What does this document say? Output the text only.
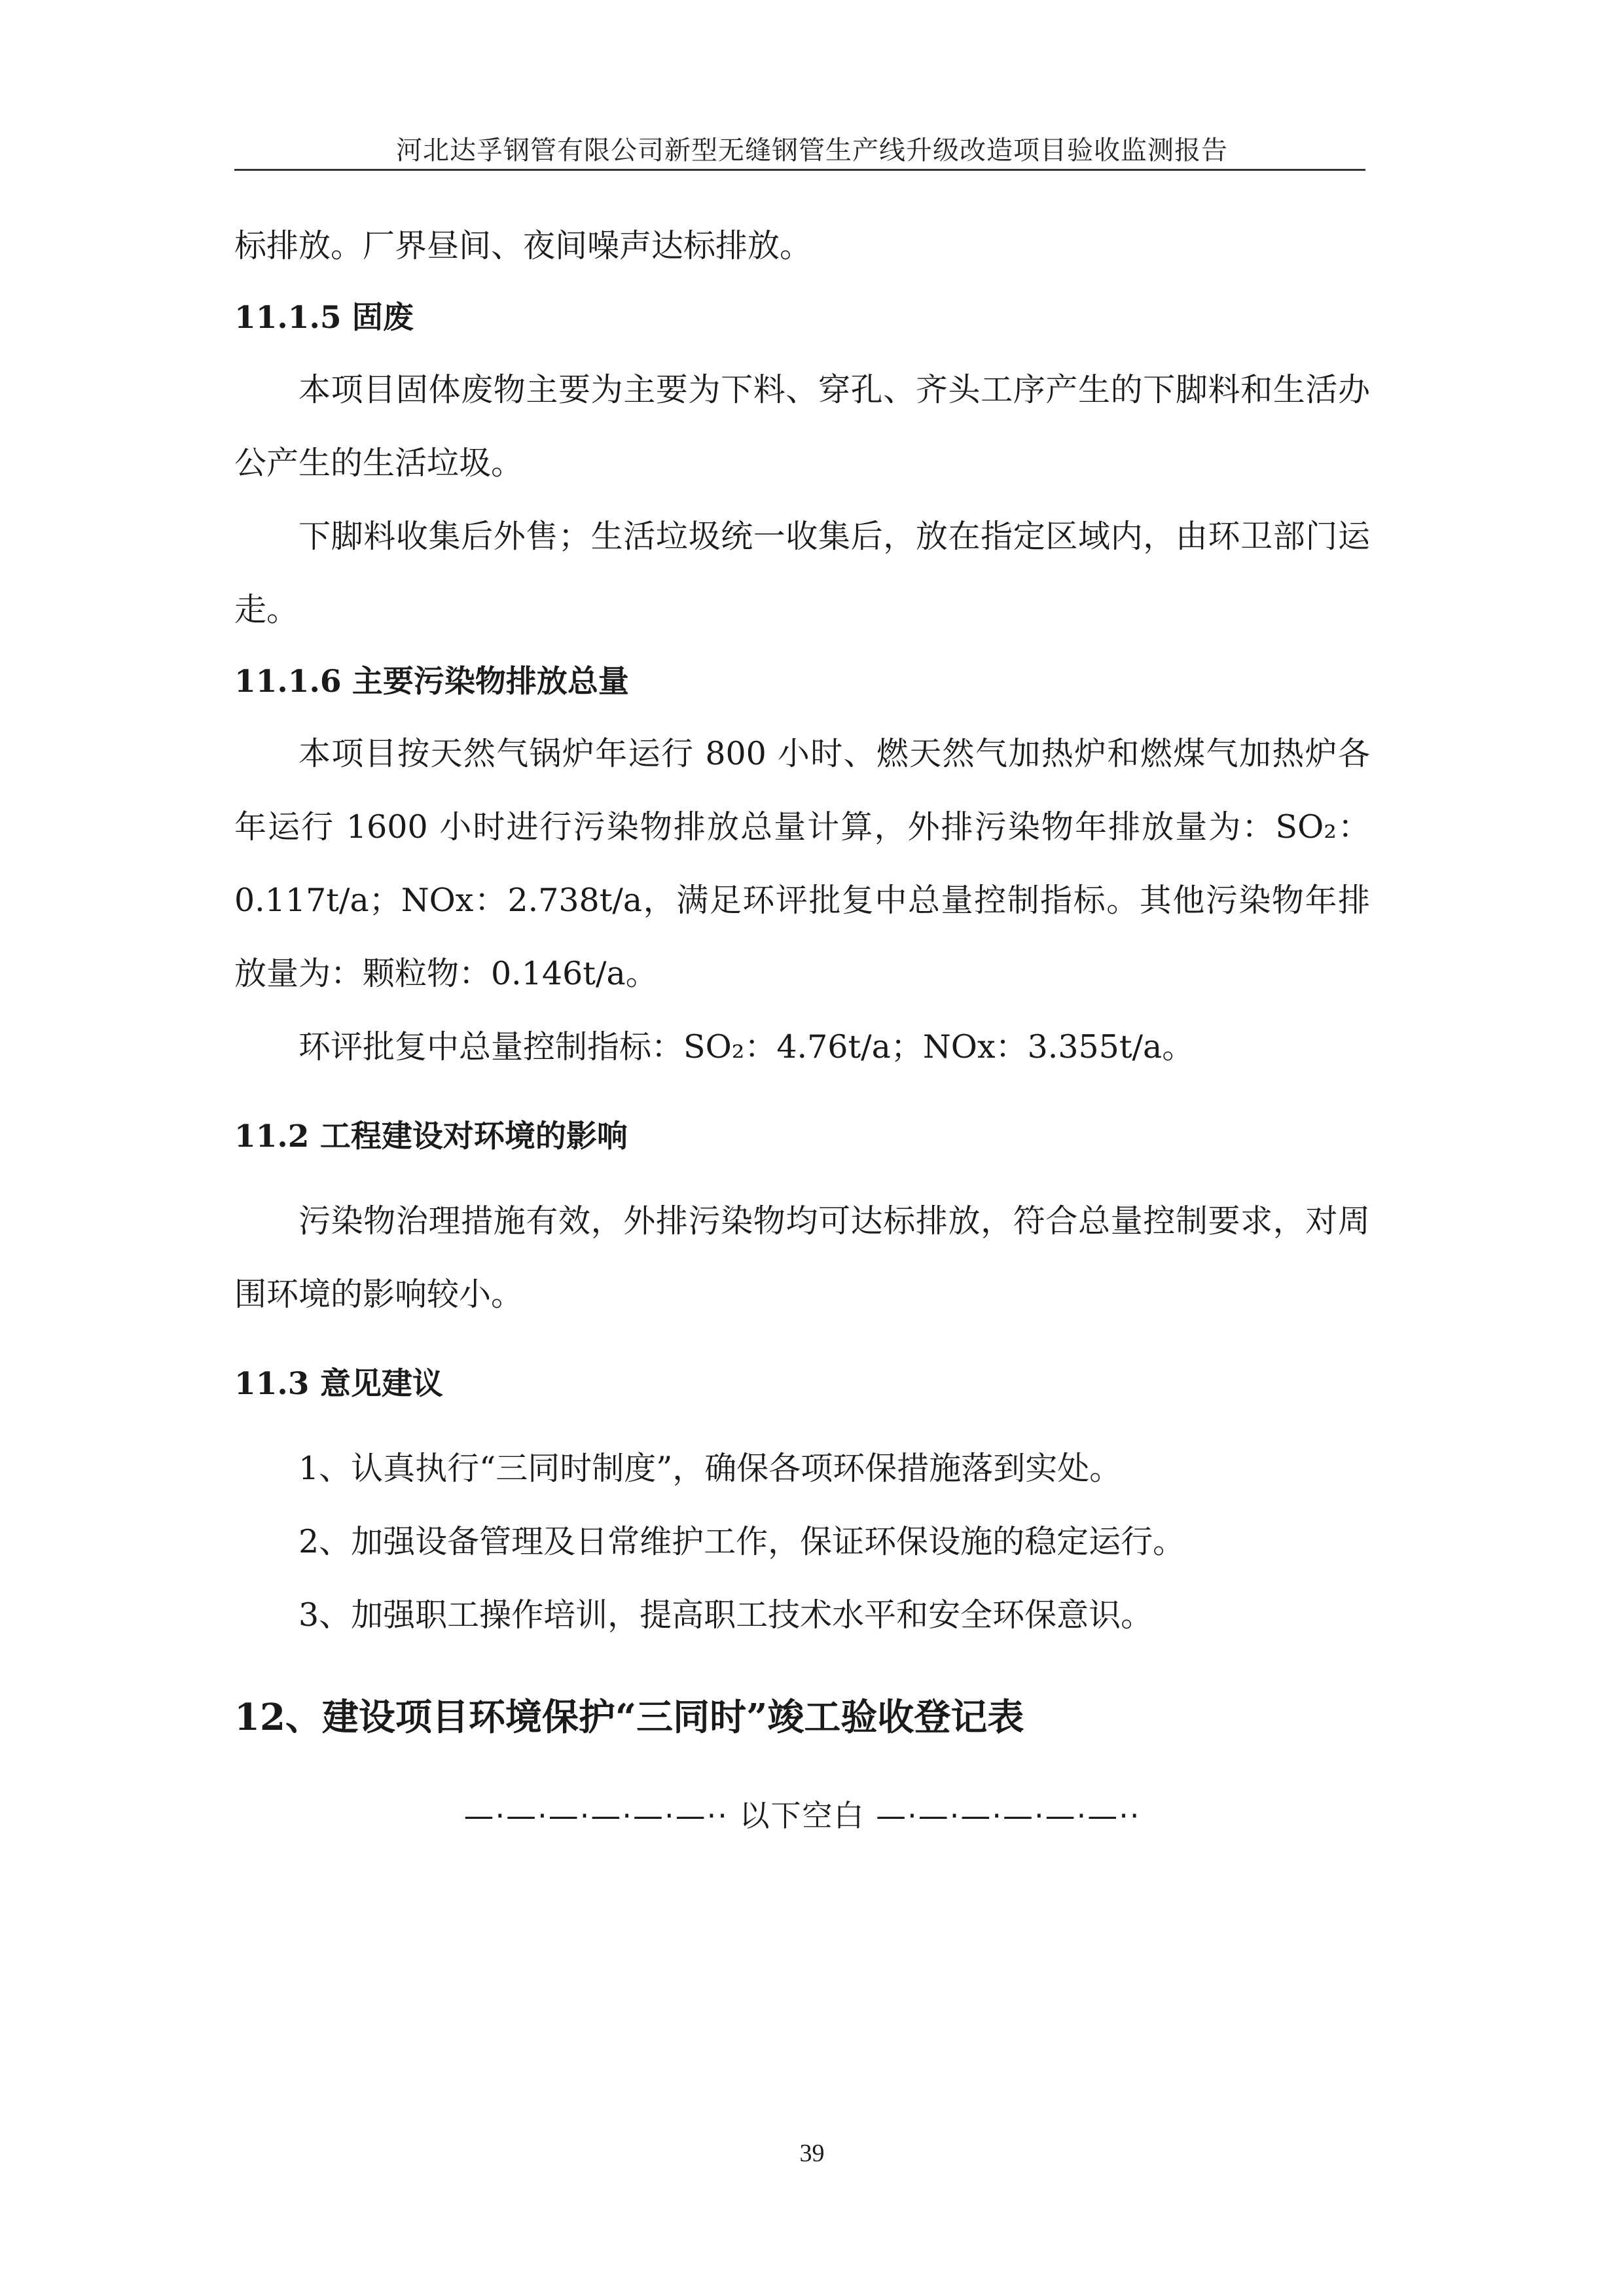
河北达孚钢管有限公司新型无缝钢管生产线升级改造项目验收监测报告

标排放。厂界昼间、夜间噪声达标排放。

11.1.5 固废

本项目固体废物主要为主要为下料、穿孔、齐头工序产生的下脚料和生活办公产生的生活垃圾。

下脚料收集后外售；生活垃圾统一收集后，放在指定区域内，由环卫部门运走。

11.1.6 主要污染物排放总量

本项目按天然气锅炉年运行 800 小时、燃天然气加热炉和燃煤气加热炉各年运行 1600 小时进行污染物排放总量计算，外排污染物年排放量为：SO₂：0.117t/a；NOx：2.738t/a，满足环评批复中总量控制指标。其他污染物年排放量为：颗粒物：0.146t/a。

环评批复中总量控制指标：SO₂：4.76t/a；NOx：3.355t/a。

11.2 工程建设对环境的影响

污染物治理措施有效，外排污染物均可达标排放，符合总量控制要求，对周围环境的影响较小。

11.3 意见建议

1、认真执行“三同时制度”，确保各项环保措施落到实处。

2、加强设备管理及日常维护工作，保证环保设施的稳定运行。

3、加强职工操作培训，提高职工技术水平和安全环保意识。

12、建设项目环境保护“三同时”竣工验收登记表

—·—·—·—·—·—·· 以下空白 —·—·—·—·—·—··

39
